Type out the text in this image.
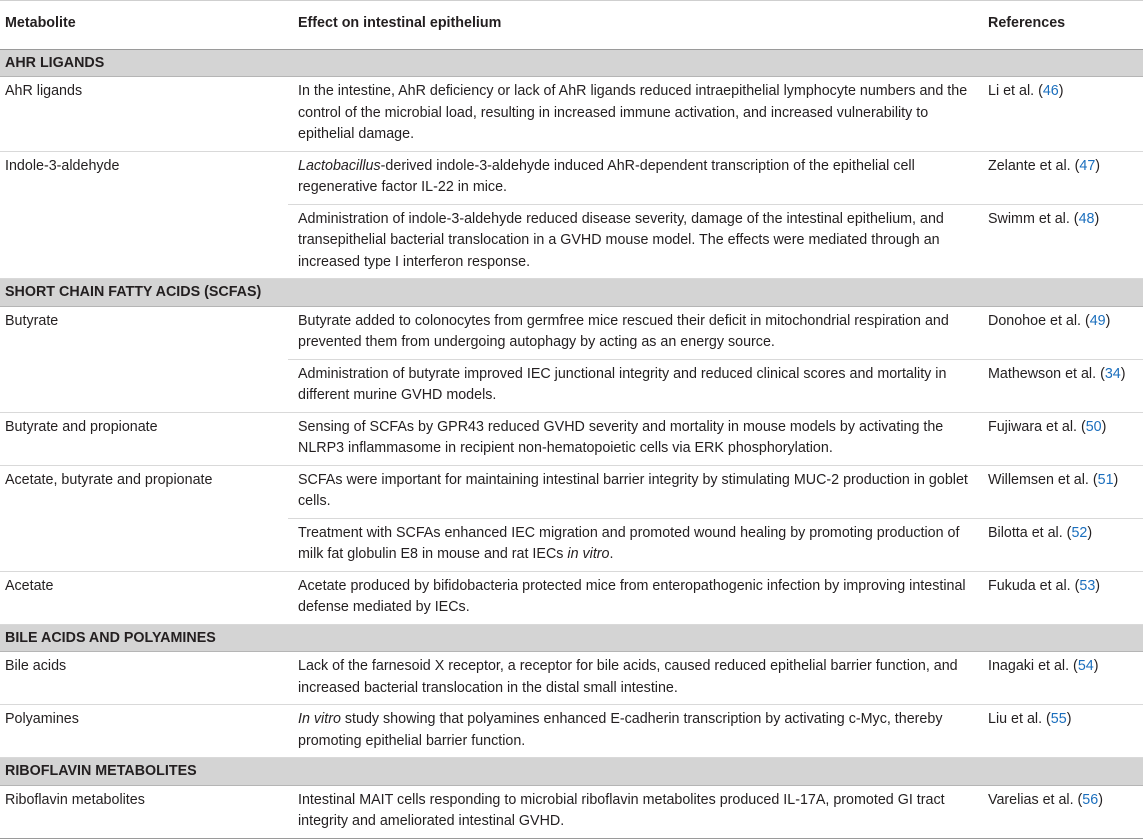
Metabolite	Effect on intestinal epithelium	References
AHR LIGANDS		
AhR ligands	In the intestine, AhR deficiency or lack of AhR ligands reduced intraepithelial lymphocyte numbers and the control of the microbial load, resulting in increased immune activation, and increased vulnerability to epithelial damage.	Li et al. (46)
Indole-3-aldehyde	Lactobacillus-derived indole-3-aldehyde induced AhR-dependent transcription of the epithelial cell regenerative factor IL-22 in mice.	Zelante et al. (47)
	Administration of indole-3-aldehyde reduced disease severity, damage of the intestinal epithelium, and transepithelial bacterial translocation in a GVHD mouse model. The effects were mediated through an increased type I interferon response.	Swimm et al. (48)
SHORT CHAIN FATTY ACIDS (SCFAS)		
Butyrate	Butyrate added to colonocytes from germfree mice rescued their deficit in mitochondrial respiration and prevented them from undergoing autophagy by acting as an energy source.	Donohoe et al. (49)
	Administration of butyrate improved IEC junctional integrity and reduced clinical scores and mortality in different murine GVHD models.	Mathewson et al. (34)
Butyrate and propionate	Sensing of SCFAs by GPR43 reduced GVHD severity and mortality in mouse models by activating the NLRP3 inflammasome in recipient non-hematopoietic cells via ERK phosphorylation.	Fujiwara et al. (50)
Acetate, butyrate and propionate	SCFAs were important for maintaining intestinal barrier integrity by stimulating MUC-2 production in goblet cells.	Willemsen et al. (51)
	Treatment with SCFAs enhanced IEC migration and promoted wound healing by promoting production of milk fat globulin E8 in mouse and rat IECs in vitro.	Bilotta et al. (52)
Acetate	Acetate produced by bifidobacteria protected mice from enteropathogenic infection by improving intestinal defense mediated by IECs.	Fukuda et al. (53)
BILE ACIDS AND POLYAMINES		
Bile acids	Lack of the farnesoid X receptor, a receptor for bile acids, caused reduced epithelial barrier function, and increased bacterial translocation in the distal small intestine.	Inagaki et al. (54)
Polyamines	In vitro study showing that polyamines enhanced E-cadherin transcription by activating c-Myc, thereby promoting epithelial barrier function.	Liu et al. (55)
RIBOFLAVIN METABOLITES		
Riboflavin metabolites	Intestinal MAIT cells responding to microbial riboflavin metabolites produced IL-17A, promoted GI tract integrity and ameliorated intestinal GVHD.	Varelias et al. (56)
